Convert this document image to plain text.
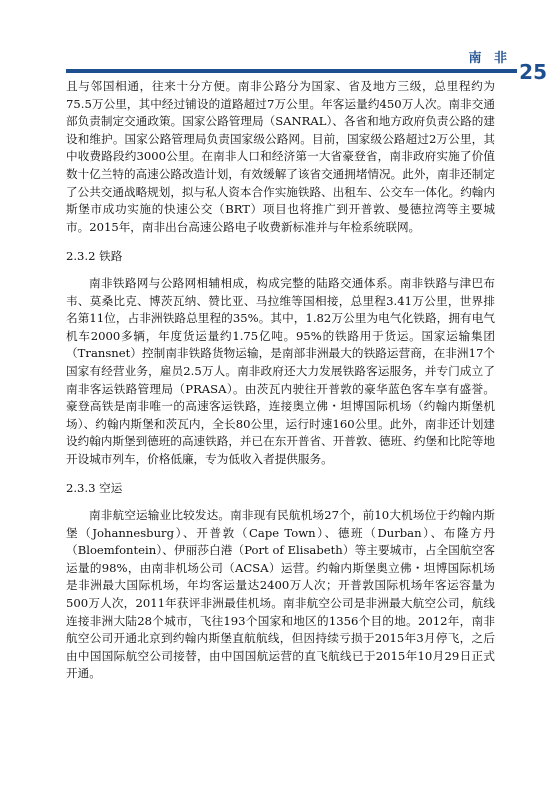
南 非
25

且与邻国相通，往来十分方便。南非公路分为国家、省及地方三级，总里程约为75.5万公里，其中经过铺设的道路超过7万公里。年客运量约450万人次。南非交通部负责制定交通政策。国家公路管理局（SANRAL）、各省和地方政府负责公路的建设和维护。国家公路管理局负责国家级公路网。目前，国家级公路超过2万公里，其中收费路段约3000公里。在南非人口和经济第一大省豪登省，南非政府实施了价值数十亿兰特的高速公路改造计划，有效缓解了该省交通拥堵情况。此外，南非还制定了公共交通战略规划，拟与私人资本合作实施铁路、出租车、公交车一体化。约翰内斯堡市成功实施的快速公交（BRT）项目也将推广到开普敦、曼德拉湾等主要城市。2015年，南非出台高速公路电子收费新标准并与年检系统联网。

2.3.2 铁路

南非铁路网与公路网相辅相成，构成完整的陆路交通体系。南非铁路与津巴布韦、莫桑比克、博茨瓦纳、赞比亚、马拉维等国相接，总里程3.41万公里，世界排名第11位，占非洲铁路总里程的35%。其中，1.82万公里为电气化铁路，拥有电气机车2000多辆，年度货运量约1.75亿吨。95%的铁路用于货运。国家运输集团（Transnet）控制南非铁路货物运输，是南部非洲最大的铁路运营商，在非洲17个国家有经营业务，雇员2.5万人。南非政府还大力发展铁路客运服务，并专门成立了南非客运铁路管理局（PRASA）。由茨瓦内驶往开普敦的豪华蓝色客车享有盛誉。豪登高铁是南非唯一的高速客运铁路，连接奥立佛・坦博国际机场（约翰内斯堡机场）、约翰内斯堡和茨瓦内，全长80公里，运行时速160公里。此外，南非还计划建设约翰内斯堡到德班的高速铁路，并已在东开普省、开普敦、德班、约堡和比陀等地开设城市列车，价格低廉，专为低收入者提供服务。

2.3.3 空运

南非航空运输业比较发达。南非现有民航机场27个，前10大机场位于约翰内斯堡（Johannesburg）、开普敦（Cape Town）、德班（Durban）、布隆方丹（Bloemfontein）、伊丽莎白港（Port of Elisabeth）等主要城市，占全国航空客运量的98%，由南非机场公司（ACSA）运营。约翰内斯堡奥立佛・坦博国际机场是非洲最大国际机场，年均客运量达2400万人次；开普敦国际机场年客运容量为500万人次，2011年获评非洲最佳机场。南非航空公司是非洲最大航空公司，航线连接非洲大陆28个城市，飞往193个国家和地区的1356个目的地。2012年，南非航空公司开通北京到约翰内斯堡直航航线，但因持续亏损于2015年3月停飞，之后由中国国际航空公司接替，由中国国航运营的直飞航线已于2015年10月29日正式开通。
